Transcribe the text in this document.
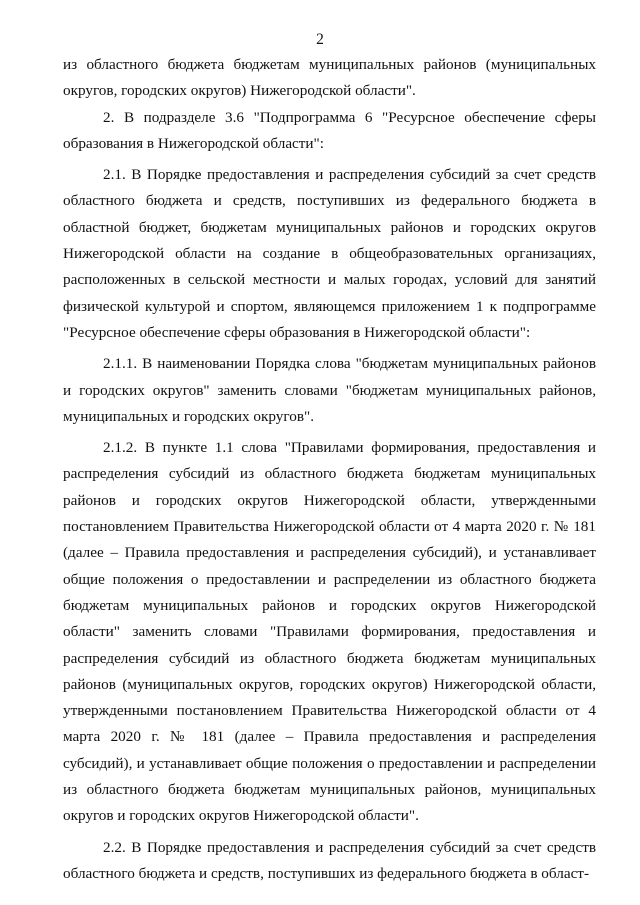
2

из областного бюджета бюджетам муниципальных районов (муниципальных округов, городских округов) Нижегородской области".

2. В подразделе 3.6 "Подпрограмма 6 "Ресурсное обеспечение сферы образования в Нижегородской области":

2.1. В Порядке предоставления и распределения субсидий за счет средств областного бюджета и средств, поступивших из федерального бюджета в областной бюджет, бюджетам муниципальных районов и городских округов Нижегородской области на создание в общеобразовательных организациях, расположенных в сельской местности и малых городах, условий для занятий физической культурой и спортом, являющемся приложением 1 к подпрограмме "Ресурсное обеспечение сферы образования в Нижегородской области":

2.1.1. В наименовании Порядка слова "бюджетам муниципальных районов и городских округов" заменить словами "бюджетам муниципальных районов, муниципальных и городских округов".

2.1.2. В пункте 1.1 слова "Правилами формирования, предоставления и распределения субсидий из областного бюджета бюджетам муниципальных районов и городских округов Нижегородской области, утвержденными постановлением Правительства Нижегородской области от 4 марта 2020 г. № 181 (далее – Правила предоставления и распределения субсидий), и устанавливает общие положения о предоставлении и распределении из областного бюджета бюджетам муниципальных районов и городских округов Нижегородской области" заменить словами "Правилами формирования, предоставления и распределения субсидий из областного бюджета бюджетам муниципальных районов (муниципальных округов, городских округов) Нижегородской области, утвержденными постановлением Правительства Нижегородской области от 4 марта 2020 г. № 181 (далее – Правила предоставления и распределения субсидий), и устанавливает общие положения о предоставлении и распределении из областного бюджета бюджетам муниципальных районов, муниципальных округов и городских округов Нижегородской области".

2.2. В Порядке предоставления и распределения субсидий за счет средств областного бюджета и средств, поступивших из федерального бюджета в област-
